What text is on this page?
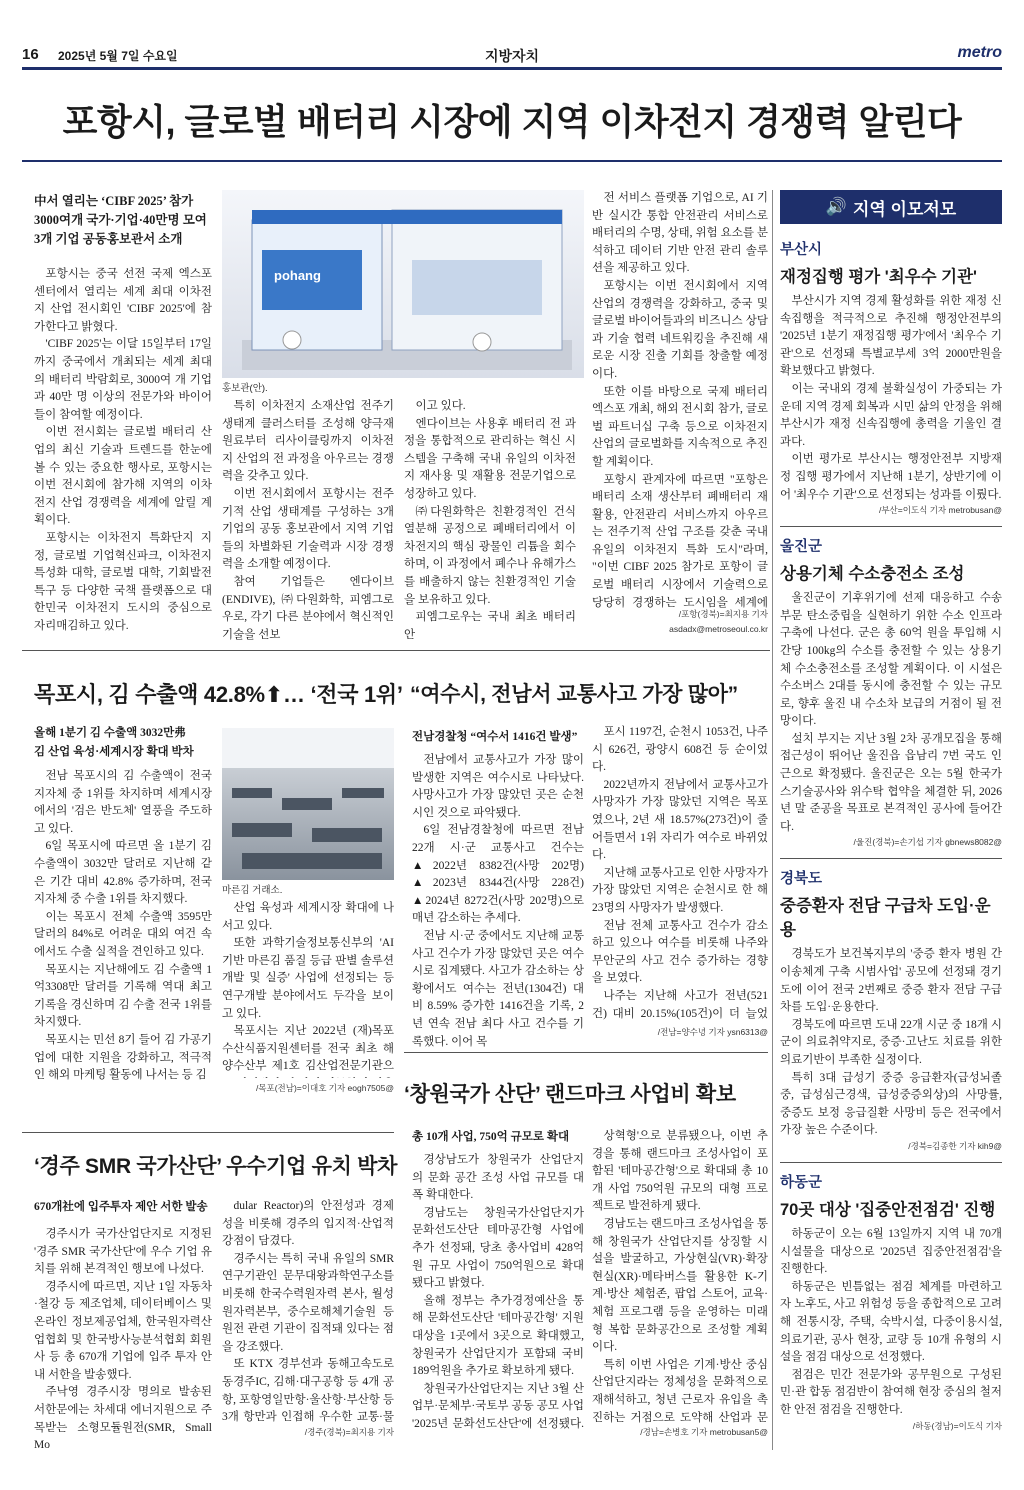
16 2025년 5월 7일 수요일	지방자치	metro
포항시, 글로벌 배터리 시장에 지역 이차전지 경쟁력 알린다
中서 열리는 ‘CIBF 2025’ 참가
3000여개 국가·기업·40만명 모여
3개 기업 공동홍보관서 소개

포항시는 중국 선전 국제 엑스포 센터에서 열리는 세계 최대 이차전지 산업 전시회인 'CIBF 2025'에 참가한다고 밝혔다.

'CIBF 2025'는 이달 15일부터 17일까지 중국에서 개최되는 세계 최대의 배터리 박람회로, 3000여 개 기업과 40만 명 이상의 전문가와 바이어들이 참여할 예정이다.

이번 전시회는 글로벌 배터리 산업의 최신 기술과 트렌드를 한눈에 볼 수 있는 중요한 행사로, 포항시는 이번 전시회에 참가해 지역의 이차전지 산업 경쟁력을 세계에 알릴 계획이다.

포항시는 이차전지 특화단지 지정, 글로벌 기업혁신파크, 이차전지 특성화 대학, 글로벌 대학, 기회발전특구 등 다양한 국책 플랫폼으로 대한민국 이차전지 도시의 중심으로 자리매김하고 있다.

pohang
홍보관(안).

특히 이차전지 소재산업 전주기 생태계 클러스터를 조성해 양극재 원료부터 리사이클링까지 이차전지 산업의 전 과정을 아우르는 경쟁력을 갖추고 있다.

이번 전시회에서 포항시는 전주기적 산업 생태계를 구성하는 3개 기업의 공동 홍보관에서 지역 기업들의 차별화된 기술력과 시장 경쟁력을 소개할 예정이다.

참여 기업들은 엔다이브(ENDIVE), ㈜다원화학, 피엠그로우로, 각기 다른 분야에서 혁신적인 기술을 선보

이고 있다.

엔다이브는 사용후 배터리 전 과정을 통합적으로 관리하는 혁신 시스템을 구축해 국내 유일의 이차전지 재사용 및 재활용 전문기업으로 성장하고 있다.

㈜다원화학은 친환경적인 건식열분해 공정으로 폐배터리에서 이차전지의 핵심 광물인 리튬을 회수하며, 이 과정에서 폐수나 유해가스를 배출하지 않는 친환경적인 기술을 보유하고 있다.

피엠그로우는 국내 최초 배터리 안

전 서비스 플랫폼 기업으로, AI 기반 실시간 통합 안전관리 서비스로 배터리의 수명, 상태, 위험 요소를 분석하고 데이터 기반 안전 관리 솔루션을 제공하고 있다.

포항시는 이번 전시회에서 지역 산업의 경쟁력을 강화하고, 중국 및 글로벌 바이어들과의 비즈니스 상담과 기술 협력 네트워킹을 추진해 새로운 시장 진출 기회를 창출할 예정이다.

또한 이를 바탕으로 국제 배터리 엑스포 개최, 해외 전시회 참가, 글로벌 파트너십 구축 등으로 이차전지 산업의 글로벌화를 지속적으로 추진할 계획이다.

포항시 관계자에 따르면 "포항은 배터리 소재 생산부터 폐배터리 재활용, 안전관리 서비스까지 아우르는 전주기적 산업 구조를 갖춘 국내 유일의 이차전지 특화 도시"라며, "이번 CIBF 2025 참가로 포항이 글로벌 배터리 시장에서 기술력으로 당당히 경쟁하는 도시임을 세계에

/포항(경북)=최지용 기자
asdadx@metroseoul.co.kr
목포시, 김 수출액 42.8%⬆… ‘전국 1위’
올해 1분기 김 수출액 3032만弗
김 산업 육성·세계시장 확대 박차

전남 목포시의 김 수출액이 전국 지자체 중 1위를 차지하며 세계시장에서의 '검은 반도체' 열풍을 주도하고 있다.

6일 목포시에 따르면 올 1분기 김 수출액이 3032만 달러로 지난해 같은 기간 대비 42.8% 증가하며, 전국 지자체 중 수출 1위를 차지했다.

이는 목포시 전체 수출액 3595만 달러의 84%로 어려운 대외 여건 속에서도 수출 실적을 견인하고 있다.

목포시는 지난해에도 김 수출액 1억3308만 달러를 기록해 역대 최고 기록을 경신하며 김 수출 전국 1위를 차지했다.

목포시는 민선 8기 들어 김 가공기업에 대한 지원을 강화하고, 적극적인 해외 마케팅 활동에 나서는 등 김

마른김 거래소.

산업 육성과 세계시장 확대에 나서고 있다.

또한 과학기술정보통신부의 'AI기반 마른김 품질 등급 판별 솔루션 개발 및 실증' 사업에 선정되는 등 연구개발 분야에서도 두각을 보이고 있다.

목포시는 지난 2022년 (재)목포수산식품지원센터를 전국 최초 해양수산부 제1호 김산업전문기관으

/목포(전남)=이대호 기자 eogh7505@
“여수시, 전남서 교통사고 가장 많아”
전남경찰청 “여수서 1416건 발생”

전남에서 교통사고가 가장 많이 발생한 지역은 여수시로 나타났다. 사망사고가 가장 많았던 곳은 순천시인 것으로 파악됐다.

6일 전남경찰청에 따르면 전남 22개 시·군 교통사고 건수는 ▲2022년 8382건(사망 202명) ▲2023년 8344건(사망 228건) ▲2024년 8272건(사망 202명)으로 매년 감소하는 추세다.

전남 시·군 중에서도 지난해 교통사고 건수가 가장 많았던 곳은 여수시로 집계됐다. 사고가 감소하는 상황에서도 여수는 전년(1304건) 대비 8.59% 증가한 1416건을 기록, 2년 연속 전남 최다 사고 건수를 기록했다. 이어 목

포시 1197건, 순천시 1053건, 나주시 626건, 광양시 608건 등 순이었다.

2022년까지 전남에서 교통사고가 사망자가 가장 많았던 지역은 목포였으나, 2년 새 18.57%(273건)이 줄어들면서 1위 자리가 여수로 바뀌었다.

지난해 교통사고로 인한 사망자가 가장 많았던 지역은 순천시로 한 해 23명의 사망자가 발생했다.

전남 전체 교통사고 건수가 감소하고 있으나 여수를 비롯해 나주와 무안군의 사고 건수 증가하는 경향을 보였다.

나주는 지난해 사고가 전년(521건) 대비 20.15%(105건)이 더 늘었

/전남=양수녕 기자 ysn6313@
‘창원국가 산단’ 랜드마크 사업비 확보
총 10개 사업, 750억 규모로 확대

경상남도가 창원국가 산업단지의 문화 공간 조성 사업 규모를 대폭 확대한다.

경남도는 창원국가산업단지가 문화선도산단 테마공간형 사업에 추가 선정돼, 당초 총사업비 428억원 규모 사업이 750억원으로 확대됐다고 밝혔다.

올해 정부는 추가경정예산을 통해 문화선도산단 '테마공간형' 지원 대상을 1곳에서 3곳으로 확대했고, 창원국가 산업단지가 포함돼 국비 189억원을 추가로 확보하게 됐다.

창원국가산업단지는 지난 3월 산업부·문체부·국토부 공동 공모 사업 '2025년 문화선도산단'에 선정됐다.

상혁형'으로 분류됐으나, 이번 추경을 통해 랜드마크 조성사업이 포함된 '테마공간형'으로 확대돼 총 10개 사업 750억원 규모의 대형 프로젝트로 발전하게 됐다.

경남도는 랜드마크 조성사업을 통해 창원국가 산업단지를 상징할 시설을 발굴하고, 가상현실(VR)·확장현실(XR)·메타버스를 활용한 K-기계·방산 체험존, 팝업 스토어, 교육·체험 프로그램 등을 운영하는 미래형 복합 문화공간으로 조성할 계획이다.

특히 이번 사업은 기계·방산 중심 산업단지라는 정체성을 문화적으로 재해석하고, 청년 근로자 유입을 촉진하는 거점으로 도약해 산업과 문

/경남=손병호 기자 metrobusan5@
‘경주 SMR 국가산단’ 우수기업 유치 박차
670개社에 입주투자 제안 서한 발송

경주시가 국가산업단지로 지정된 '경주 SMR 국가산단'에 우수 기업 유치를 위해 본격적인 행보에 나섰다.

경주시에 따르면, 지난 1일 자동차·철강 등 제조업체, 데이터베이스 및 온라인 정보제공업체, 한국원자력산업협회 및 한국방사능분석협회 회원사 등 총 670개 기업에 입주 투자 안내 서한을 발송했다.

주낙영 경주시장 명의로 발송된 서한문에는 차세대 에너지원으로 주목받는 소형모듈원전(SMR, Small Mo

dular Reactor)의 안전성과 경제성을 비롯해 경주의 입지적·산업적 강점이 담겼다.

경주시는 특히 국내 유일의 SMR 연구기관인 문무대왕과학연구소를 비롯해 한국수력원자력 본사, 월성원자력본부, 중수로해체기술원 등 원전 관련 기관이 집적돼 있다는 점을 강조했다.

또 KTX 경부선과 동해고속도로 동경주IC, 김해·대구공항 등 4개 공항, 포항영일만항·울산항·부산항 등 3개 항만과 인접해 우수한 교통·물

/경주(경북)=최지용 기자
🔊 지역 이모저모
부산시
재정집행 평가 '최우수 기관'

부산시가 지역 경제 활성화를 위한 재정 신속집행을 적극적으로 추진해 행정안전부의 '2025년 1분기 재정집행 평가'에서 '최우수 기관'으로 선정돼 특별교부세 3억 2000만원을 확보했다고 밝혔다.

이는 국내외 경제 불확실성이 가중되는 가운데 지역 경제 회복과 시민 삶의 안정을 위해 부산시가 재정 신속집행에 총력을 기울인 결과다.

이번 평가로 부산시는 행정안전부 지방재정 집행 평가에서 지난해 1분기, 상반기에 이어 '최우수 기관'으로 선정되는 성과를 이뤘다.

/부산=이도식 기자 metrobusan@
울진군
상용기체 수소충전소 조성

울진군이 기후위기에 선제 대응하고 수송부문 탄소중립을 실현하기 위한 수소 인프라 구축에 나선다. 군은 총 60억 원을 투입해 시간당 100kg의 수소를 충전할 수 있는 상용기체 수소충전소를 조성할 계획이다. 이 시설은 수소버스 2대를 동시에 충전할 수 있는 규모로, 향후 울진 내 수소차 보급의 거점이 될 전망이다.

설치 부지는 지난 3월 2차 공개모집을 통해 접근성이 뛰어난 울진읍 읍남리 7번 국도 인근으로 확정됐다. 울진군은 오는 5월 한국가스기술공사와 위수탁 협약을 체결한 뒤, 2026년 말 준공을 목표로 본격적인 공사에 들어간다.

/울진(경북)=손기섭 기자 gbnews8082@
경북도
중증환자 전담 구급차 도입·운용

경북도가 보건복지부의 '중증 환자 병원 간 이송체계 구축 시범사업' 공모에 선정돼 경기도에 이어 전국 2번째로 중증 환자 전담 구급차를 도입·운용한다.

경북도에 따르면 도내 22개 시군 중 18개 시군이 의료취약지로, 중증·고난도 치료를 위한 의료기반이 부족한 실정이다.

특히 3대 급성기 중증 응급환자(급성뇌졸중, 급성심근경색, 급성중증외상)의 사망률, 중증도 보정 응급질환 사망비 등은 전국에서 가장 높은 수준이다.

/경북=김종한 기자 kih9@
하동군
70곳 대상 '집중안전점검' 진행

하동군이 오는 6월 13일까지 지역 내 70개 시설물을 대상으로 '2025년 집중안전점검'을 진행한다.

하동군은 빈틈없는 점검 체계를 마련하고자 노후도, 사고 위험성 등을 종합적으로 고려해 전통시장, 주택, 숙박시설, 다중이용시설, 의료기관, 공사 현장, 교량 등 10개 유형의 시설을 점검 대상으로 선정했다.

점검은 민간 전문가와 공무원으로 구성된 민·관 합동 점검반이 참여해 현장 중심의 철저한 안전 점검을 진행한다.

/하동(경남)=이도식 기자
